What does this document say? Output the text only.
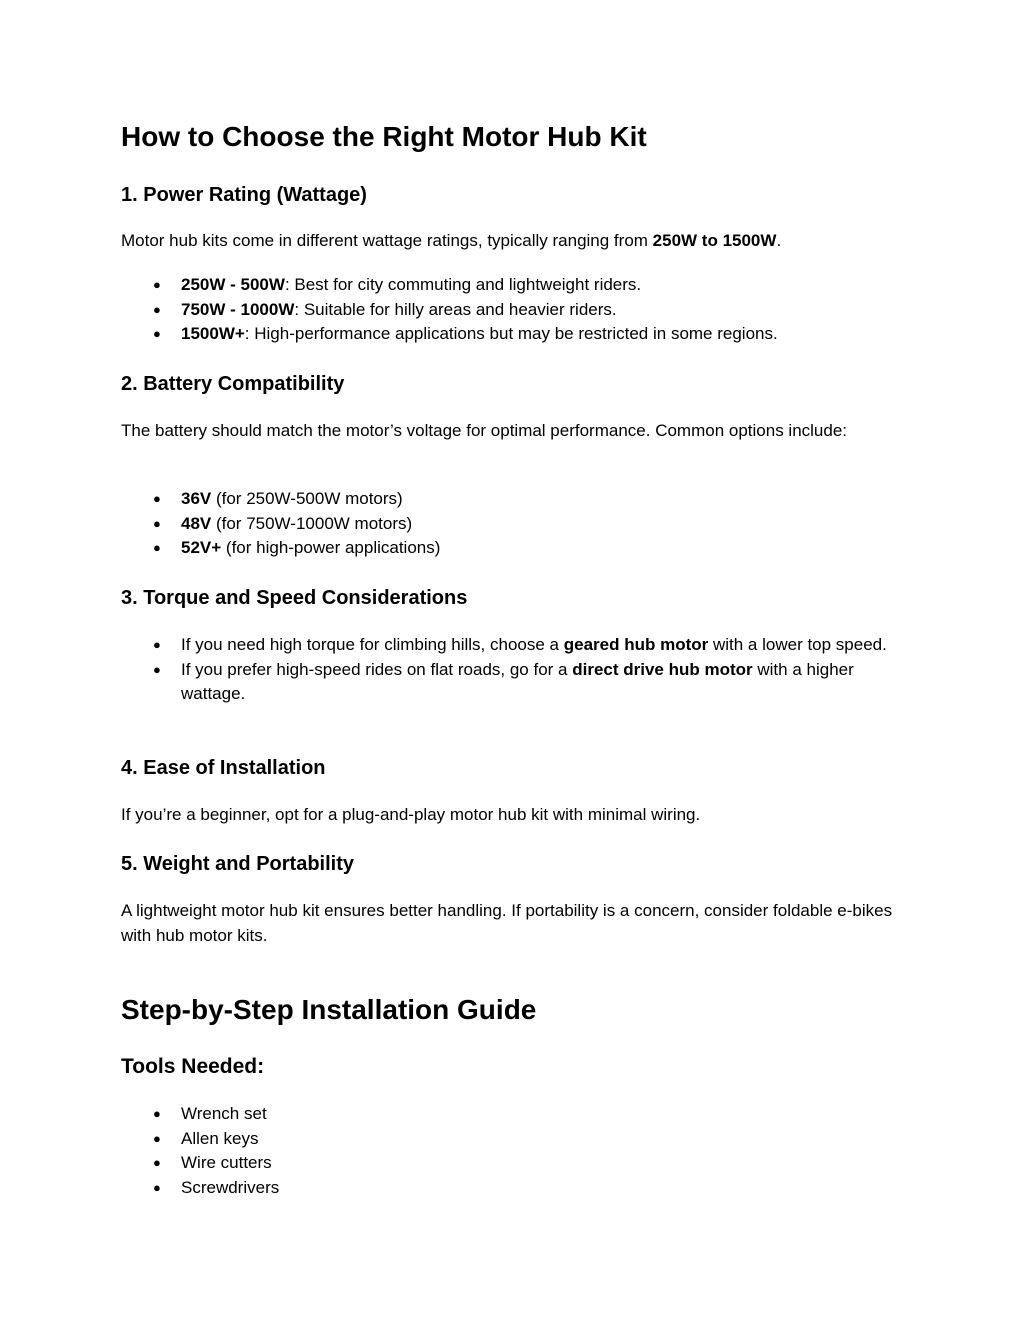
How to Choose the Right Motor Hub Kit
1. Power Rating (Wattage)

Motor hub kits come in different wattage ratings, typically ranging from 250W to 1500W.

● 250W - 500W: Best for city commuting and lightweight riders.
● 750W - 1000W: Suitable for hilly areas and heavier riders.
● 1500W+: High-performance applications but may be restricted in some regions.
2. Battery Compatibility

The battery should match the motor’s voltage for optimal performance. Common options include:

● 36V (for 250W-500W motors)
● 48V (for 750W-1000W motors)
● 52V+ (for high-power applications)
3. Torque and Speed Considerations
● If you need high torque for climbing hills, choose a geared hub motor with a lower top speed.
● If you prefer high-speed rides on flat roads, go for a direct drive hub motor with a higher wattage.
4. Ease of Installation

If you’re a beginner, opt for a plug-and-play motor hub kit with minimal wiring.

5. Weight and Portability

A lightweight motor hub kit ensures better handling. If portability is a concern, consider foldable e-bikes with hub motor kits.

Step-by-Step Installation Guide
Tools Needed:
● Wrench set
● Allen keys
● Wire cutters
● Screwdrivers
